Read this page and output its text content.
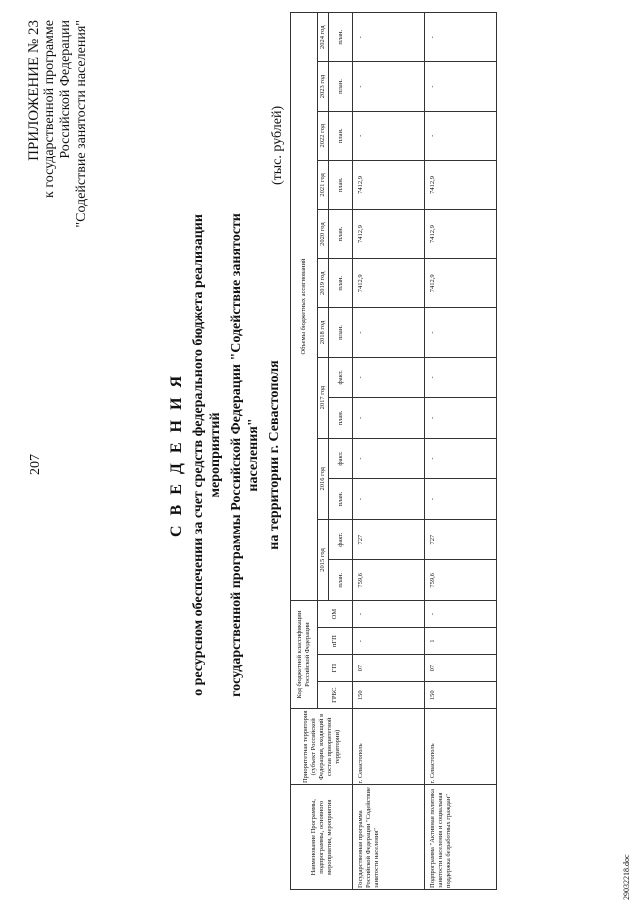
207
ПРИЛОЖЕНИЕ № 23 к государственной программе Российской Федерации "Содействие занятости населения"
С В Е Д Е Н И Я о ресурсном обеспечении за счет средств федерального бюджета реализации мероприятий государственной программы Российской Федерации "Содействие занятости населения" на территории г. Севастополя
(тыс. рублей)
Наименование Программы, подпрограммы, основного мероприятия, мероприятия	Приоритетная территория (субъект Российской Федерации, входящий в состав приоритетной территории)	Код бюджетной классификации Российской Федерации				Объемы бюджетных ассигнований												
		ГРБС	ГП	пГП	ОМ	2015 год		2016 год		2017 год		2018 год	2019 год	2020 год	2021 год	2022 год	2023 год	2024 год
						план.	факт.	план.	факт.	план.	факт.	план.	план.	план.	план.	план.	план.	план.
Государственная программа Российской Федерации "Содействие занятости населения"	г. Севастополь	150	07	-	-	759,6	727	-	-	-	-	-	7412,9	7412,9	7412,9	-	-	-
Подпрограмма "Активная политика занятости населения и социальная поддержка безработных граждан"	г. Севастополь	150	07	1	-	759,6	727	-	-	-	-	-	7412,9	7412,9	7412,9	-	-	-
29032218.doc
